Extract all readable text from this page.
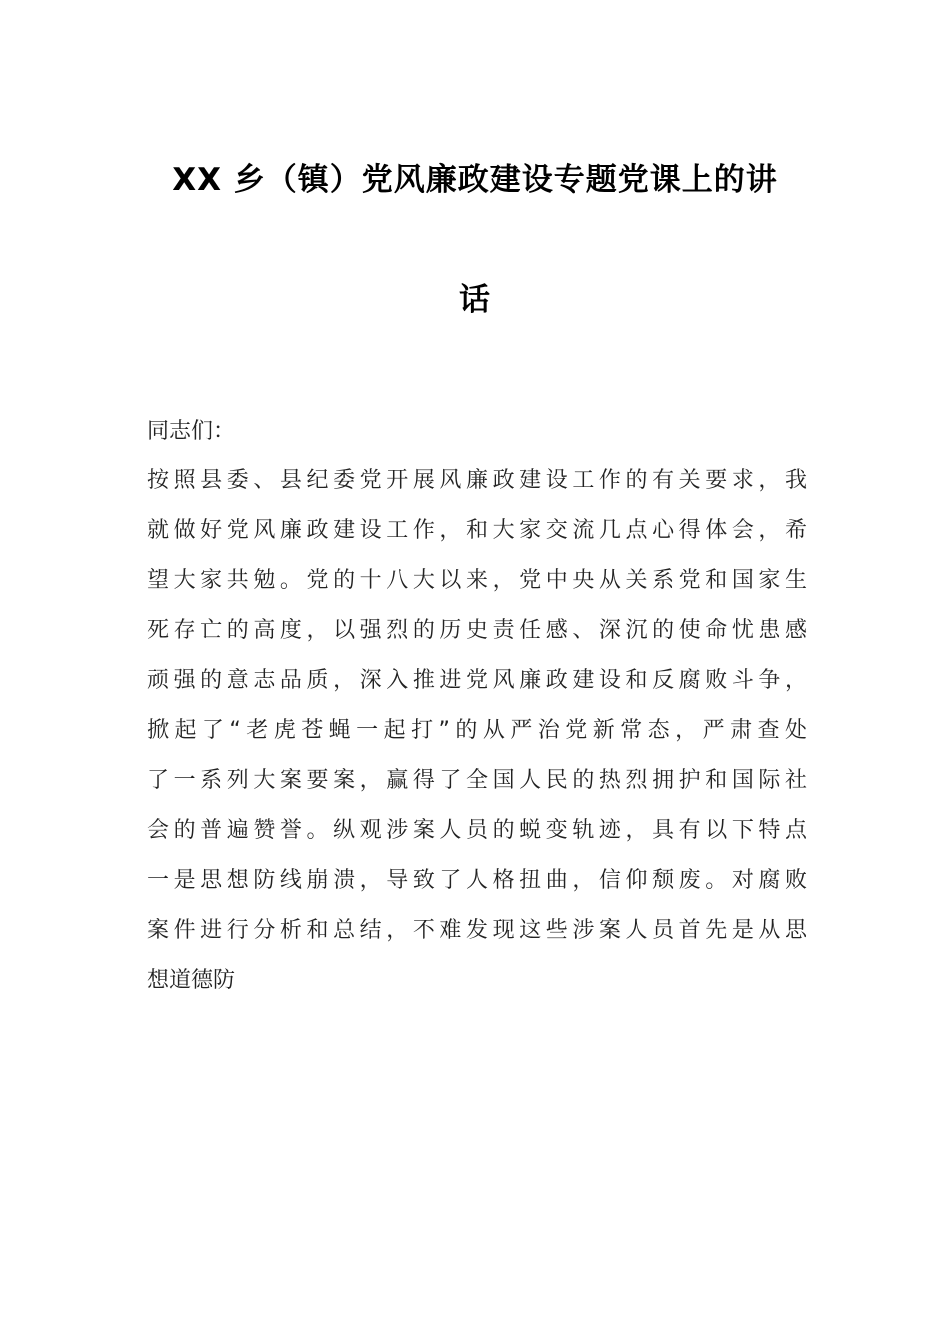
XX 乡（镇）党风廉政建设专题党课上的讲
话
同志们：
按照县委、县纪委党开展风廉政建设工作的有关要求，我
就做好党风廉政建设工作，和大家交流几点心得体会，希
望大家共勉。党的十八大以来，党中央从关系党和国家生
死存亡的高度，以强烈的历史责任感、深沉的使命忧患感
顽强的意志品质，深入推进党风廉政建设和反腐败斗争，
掀起了“老虎苍蝇一起打”的从严治党新常态，严肃查处
了一系列大案要案，赢得了全国人民的热烈拥护和国际社
会的普遍赞誉。纵观涉案人员的蜕变轨迹，具有以下特点
一是思想防线崩溃，导致了人格扭曲，信仰颓废。对腐败
案件进行分析和总结，不难发现这些涉案人员首先是从思
想道德防
